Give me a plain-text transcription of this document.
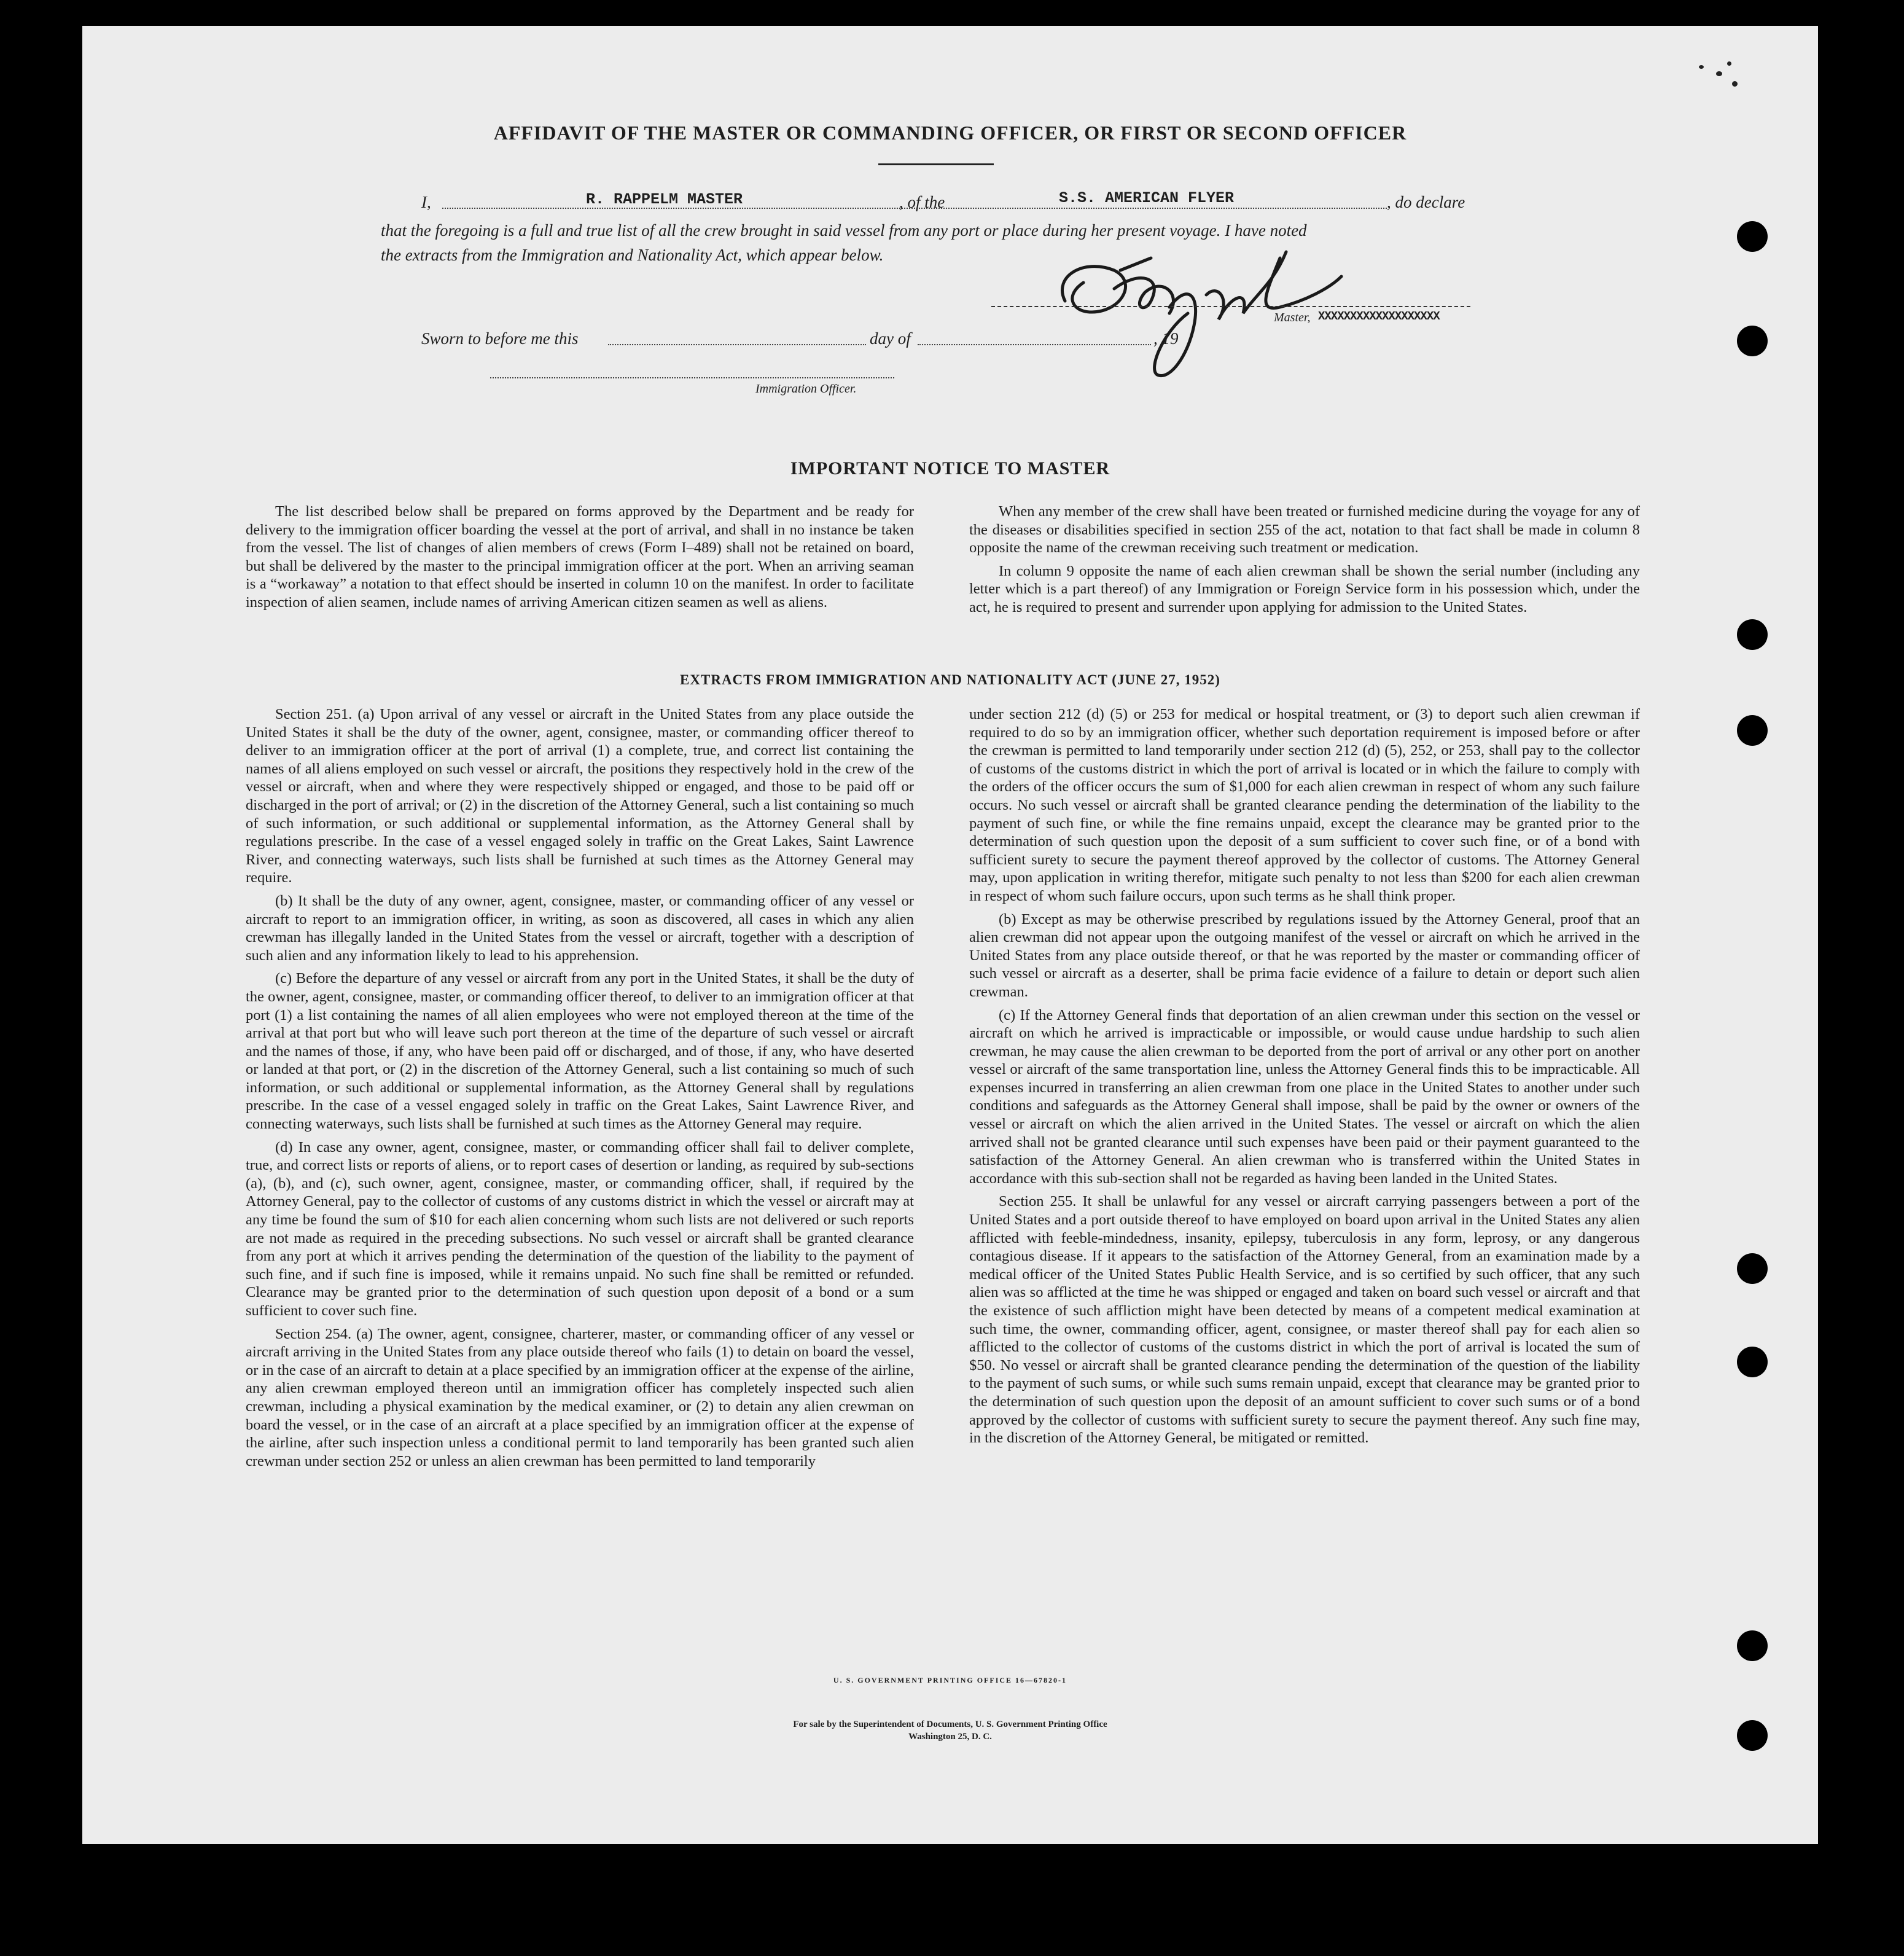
AFFIDAVIT OF THE MASTER OR COMMANDING OFFICER, OR FIRST OR SECOND OFFICER
I,	R. RAPPELM MASTER	, of the	S.S. AMERICAN FLYER	, do declare
that the foregoing is a full and true list of all the crew brought in said vessel from any port or place during her present voyage. I have noted
the extracts from the Immigration and Nationality Act, which appear below.
Master, XXXXXXXXXXXXXXXXXXX
Sworn to before me this	day of	, 19
Immigration Officer.
IMPORTANT NOTICE TO MASTER

The list described below shall be prepared on forms approved by the Department and be ready for delivery to the immigration officer boarding the vessel at the port of arrival, and shall in no instance be taken from the vessel. The list of changes of alien members of crews (Form I–489) shall not be retained on board, but shall be delivered by the master to the principal immigration officer at the port. When an arriving seaman is a “workaway” a notation to that effect should be inserted in column 10 on the manifest. In order to facilitate inspection of alien seamen, include names of arriving American citizen seamen as well as aliens.

When any member of the crew shall have been treated or furnished medicine during the voyage for any of the diseases or disabilities specified in section 255 of the act, notation to that fact shall be made in column 8 opposite the name of the crewman receiving such treatment or medication.

In column 9 opposite the name of each alien crewman shall be shown the serial number (including any letter which is a part thereof) of any Immigration or Foreign Service form in his possession which, under the act, he is required to present and surrender upon applying for admission to the United States.

EXTRACTS FROM IMMIGRATION AND NATIONALITY ACT (JUNE 27, 1952)

Section 251. (a) Upon arrival of any vessel or aircraft in the United States from any place outside the United States it shall be the duty of the owner, agent, consignee, master, or commanding officer thereof to deliver to an immigration officer at the port of arrival (1) a complete, true, and correct list containing the names of all aliens employed on such vessel or aircraft, the positions they respectively hold in the crew of the vessel or aircraft, when and where they were respectively shipped or engaged, and those to be paid off or discharged in the port of arrival; or (2) in the discretion of the Attorney General, such a list containing so much of such information, or such additional or supplemental information, as the Attorney General shall by regulations prescribe. In the case of a vessel engaged solely in traffic on the Great Lakes, Saint Lawrence River, and connecting waterways, such lists shall be furnished at such times as the Attorney General may require.

(b) It shall be the duty of any owner, agent, consignee, master, or commanding officer of any vessel or aircraft to report to an immigration officer, in writing, as soon as discovered, all cases in which any alien crewman has illegally landed in the United States from the vessel or aircraft, together with a description of such alien and any information likely to lead to his apprehension.

(c) Before the departure of any vessel or aircraft from any port in the United States, it shall be the duty of the owner, agent, consignee, master, or commanding officer thereof, to deliver to an immigration officer at that port (1) a list containing the names of all alien employees who were not employed thereon at the time of the arrival at that port but who will leave such port thereon at the time of the departure of such vessel or aircraft and the names of those, if any, who have been paid off or discharged, and of those, if any, who have deserted or landed at that port, or (2) in the discretion of the Attorney General, such a list containing so much of such information, or such additional or supplemental information, as the Attorney General shall by regulations prescribe. In the case of a vessel engaged solely in traffic on the Great Lakes, Saint Lawrence River, and connecting waterways, such lists shall be furnished at such times as the Attorney General may require.

(d) In case any owner, agent, consignee, master, or commanding officer shall fail to deliver complete, true, and correct lists or reports of aliens, or to report cases of desertion or landing, as required by sub-sections (a), (b), and (c), such owner, agent, consignee, master, or commanding officer, shall, if required by the Attorney General, pay to the collector of customs of any customs district in which the vessel or aircraft may at any time be found the sum of $10 for each alien concerning whom such lists are not delivered or such reports are not made as required in the preceding subsections. No such vessel or aircraft shall be granted clearance from any port at which it arrives pending the determination of the question of the liability to the payment of such fine, and if such fine is imposed, while it remains unpaid. No such fine shall be remitted or refunded. Clearance may be granted prior to the determination of such question upon deposit of a bond or a sum sufficient to cover such fine.

Section 254. (a) The owner, agent, consignee, charterer, master, or commanding officer of any vessel or aircraft arriving in the United States from any place outside thereof who fails (1) to detain on board the vessel, or in the case of an aircraft to detain at a place specified by an immigration officer at the expense of the airline, any alien crewman employed thereon until an immigration officer has completely inspected such alien crewman, including a physical examination by the medical examiner, or (2) to detain any alien crewman on board the vessel, or in the case of an aircraft at a place specified by an immigration officer at the expense of the airline, after such inspection unless a conditional permit to land temporarily has been granted such alien crewman under section 252 or unless an alien crewman has been permitted to land temporarily

under section 212 (d) (5) or 253 for medical or hospital treatment, or (3) to deport such alien crewman if required to do so by an immigration officer, whether such deportation requirement is imposed before or after the crewman is permitted to land temporarily under section 212 (d) (5), 252, or 253, shall pay to the collector of customs of the customs district in which the port of arrival is located or in which the failure to comply with the orders of the officer occurs the sum of $1,000 for each alien crewman in respect of whom any such failure occurs. No such vessel or aircraft shall be granted clearance pending the determination of the liability to the payment of such fine, or while the fine remains unpaid, except the clearance may be granted prior to the determination of such question upon the deposit of a sum sufficient to cover such fine, or of a bond with sufficient surety to secure the payment thereof approved by the collector of customs. The Attorney General may, upon application in writing therefor, mitigate such penalty to not less than $200 for each alien crewman in respect of whom such failure occurs, upon such terms as he shall think proper.

(b) Except as may be otherwise prescribed by regulations issued by the Attorney General, proof that an alien crewman did not appear upon the outgoing manifest of the vessel or aircraft on which he arrived in the United States from any place outside thereof, or that he was reported by the master or commanding officer of such vessel or aircraft as a deserter, shall be prima facie evidence of a failure to detain or deport such alien crewman.

(c) If the Attorney General finds that deportation of an alien crewman under this section on the vessel or aircraft on which he arrived is impracticable or impossible, or would cause undue hardship to such alien crewman, he may cause the alien crewman to be deported from the port of arrival or any other port on another vessel or aircraft of the same transportation line, unless the Attorney General finds this to be impracticable. All expenses incurred in transferring an alien crewman from one place in the United States to another under such conditions and safeguards as the Attorney General shall impose, shall be paid by the owner or owners of the vessel or aircraft on which the alien arrived in the United States. The vessel or aircraft on which the alien arrived shall not be granted clearance until such expenses have been paid or their payment guaranteed to the satisfaction of the Attorney General. An alien crewman who is transferred within the United States in accordance with this sub-section shall not be regarded as having been landed in the United States.

Section 255. It shall be unlawful for any vessel or aircraft carrying passengers between a port of the United States and a port outside thereof to have employed on board upon arrival in the United States any alien afflicted with feeble-mindedness, insanity, epilepsy, tuberculosis in any form, leprosy, or any dangerous contagious disease. If it appears to the satisfaction of the Attorney General, from an examination made by a medical officer of the United States Public Health Service, and is so certified by such officer, that any such alien was so afflicted at the time he was shipped or engaged and taken on board such vessel or aircraft and that the existence of such affliction might have been detected by means of a competent medical examination at such time, the owner, commanding officer, agent, consignee, or master thereof shall pay for each alien so afflicted to the collector of customs of the customs district in which the port of arrival is located the sum of $50. No vessel or aircraft shall be granted clearance pending the determination of the question of the liability to the payment of such sums, or while such sums remain unpaid, except that clearance may be granted prior to the determination of such question upon the deposit of an amount sufficient to cover such sums or of a bond approved by the collector of customs with sufficient surety to secure the payment thereof. Any such fine may, in the discretion of the Attorney General, be mitigated or remitted.

U. S. GOVERNMENT PRINTING OFFICE 16—67820-1
For sale by the Superintendent of Documents, U. S. Government Printing Office
Washington 25, D. C.
